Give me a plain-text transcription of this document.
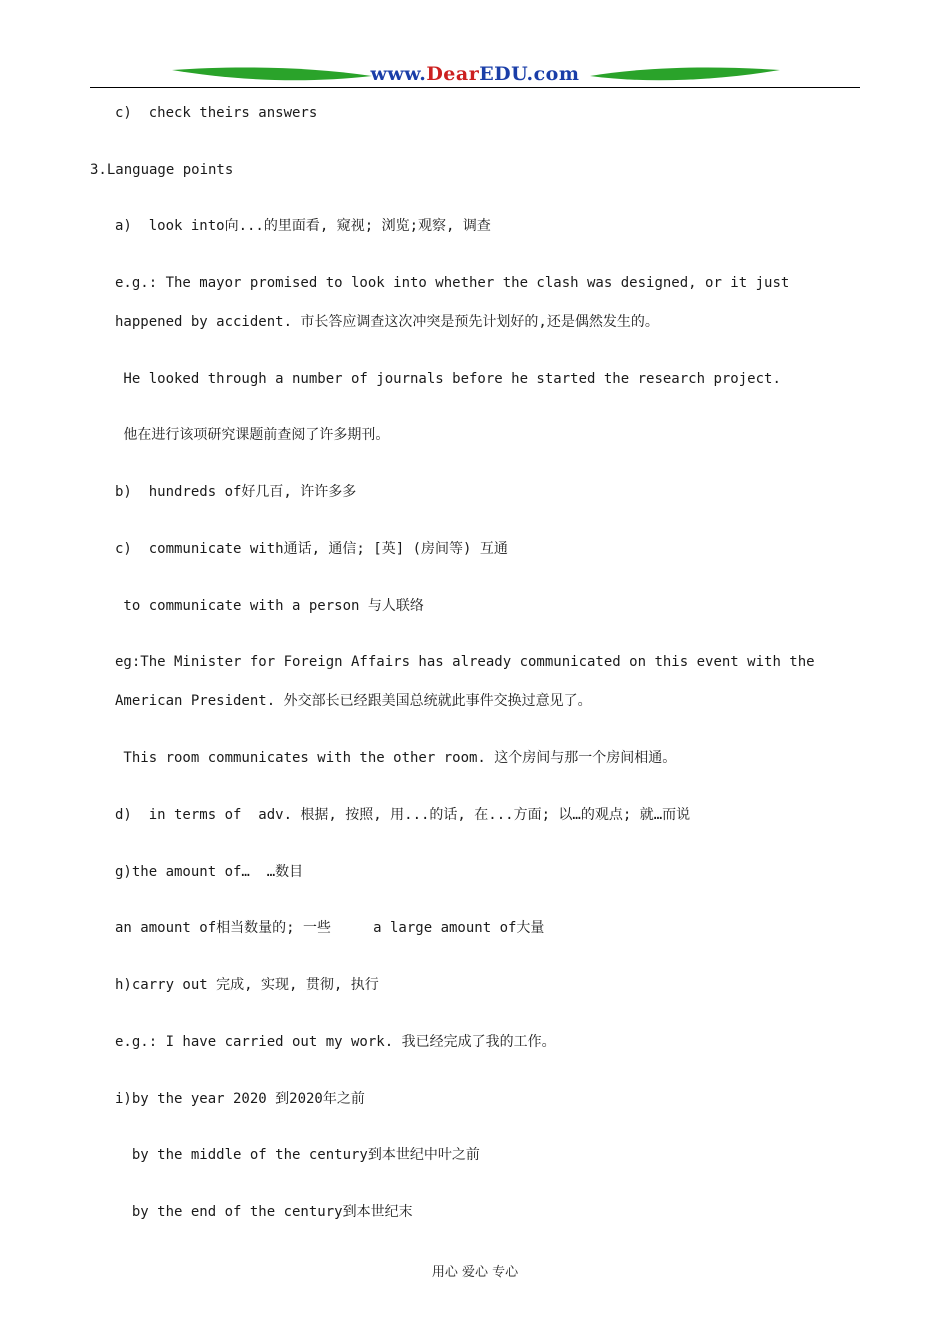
www.DearEDU.com
c)  check theirs answers
3.Language points
a)  look into向...的里面看, 窥视; 浏览;观察, 调查
e.g.: The mayor promised to look into whether the clash was designed, or it just
happened by accident. 市长答应调查这次冲突是预先计划好的,还是偶然发生的。
He looked through a number of journals before he started the research project.
他在进行该项研究课题前查阅了许多期刊。
b)  hundreds of好几百, 许许多多
c)  communicate with通话, 通信; [英] (房间等) 互通
to communicate with a person 与人联络
eg:The Minister for Foreign Affairs has already communicated on this event with the
American President. 外交部长已经跟美国总统就此事件交换过意见了。
This room communicates with the other room. 这个房间与那一个房间相通。
d)  in terms of  adv. 根据, 按照, 用...的话, 在...方面; 以…的观点; 就…而说
g)the amount of…  …数目
an amount of相当数量的; 一些     a large amount of大量
h)carry out 完成, 实现, 贯彻, 执行
e.g.: I have carried out my work. 我已经完成了我的工作。
i)by the year 2020 到2020年之前
by the middle of the century到本世纪中叶之前
by the end of the century到本世纪末
用心 爱心 专心
